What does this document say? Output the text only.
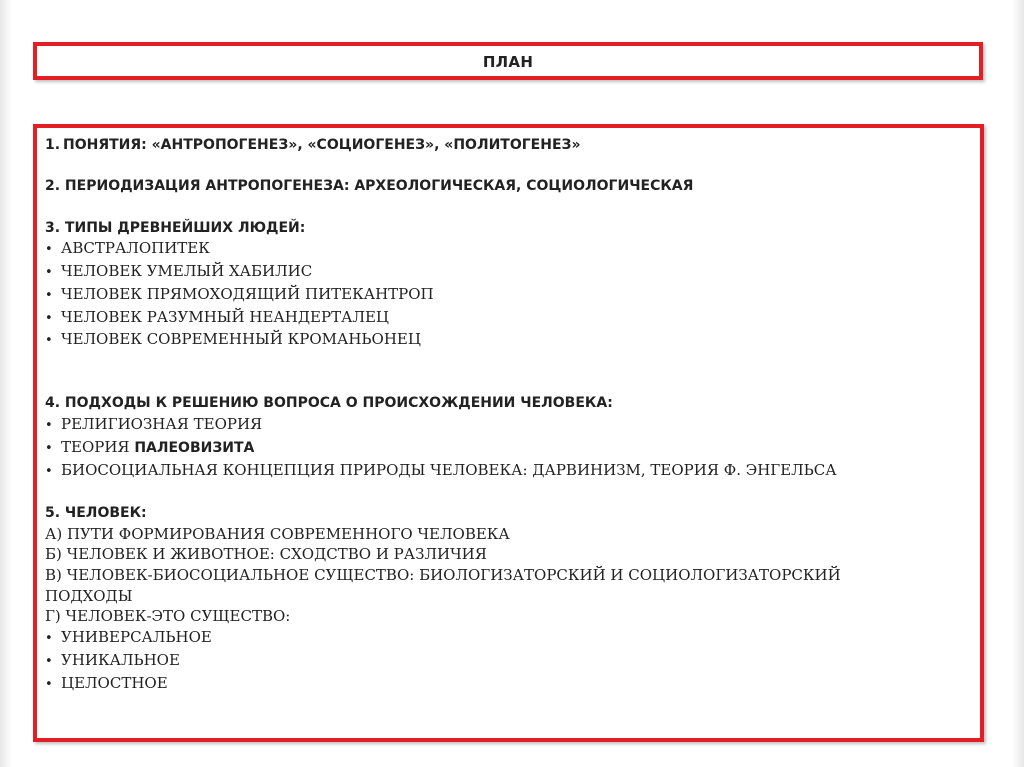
ПЛАН
1. ПОНЯТИЯ: «АНТРОПОГЕНЕЗ», «СОЦИОГЕНЕЗ», «ПОЛИТОГЕНЕЗ»
2. ПЕРИОДИЗАЦИЯ АНТРОПОГЕНЕЗА: АРХЕОЛОГИЧЕСКАЯ, СОЦИОЛОГИЧЕСКАЯ
3. ТИПЫ ДРЕВНЕЙШИХ ЛЮДЕЙ:
• АВСТРАЛОПИТЕК
• ЧЕЛОВЕК УМЕЛЫЙ ХАБИЛИС
• ЧЕЛОВЕК ПРЯМОХОДЯЩИЙ ПИТЕКАНТРОП
• ЧЕЛОВЕК РАЗУМНЫЙ НЕАНДЕРТАЛЕЦ
• ЧЕЛОВЕК СОВРЕМЕННЫЙ КРОМАНЬОНЕЦ
4. ПОДХОДЫ К РЕШЕНИЮ ВОПРОСА О ПРОИСХОЖДЕНИИ ЧЕЛОВЕКА:
• РЕЛИГИОЗНАЯ ТЕОРИЯ
• ТЕОРИЯ ПАЛЕОВИЗИТА
• БИОСОЦИАЛЬНАЯ КОНЦЕПЦИЯ ПРИРОДЫ ЧЕЛОВЕКА: ДАРВИНИЗМ, ТЕОРИЯ Ф. ЭНГЕЛЬСА
5. ЧЕЛОВЕК:
А) ПУТИ ФОРМИРОВАНИЯ СОВРЕМЕННОГО ЧЕЛОВЕКА
Б) ЧЕЛОВЕК И ЖИВОТНОЕ: СХОДСТВО И РАЗЛИЧИЯ
В) ЧЕЛОВЕК-БИОСОЦИАЛЬНОЕ СУЩЕСТВО: БИОЛОГИЗАТОРСКИЙ И СОЦИОЛОГИЗАТОРСКИЙ ПОДХОДЫ
Г) ЧЕЛОВЕК-ЭТО СУЩЕСТВО:
• УНИВЕРСАЛЬНОЕ
• УНИКАЛЬНОЕ
• ЦЕЛОСТНОЕ
